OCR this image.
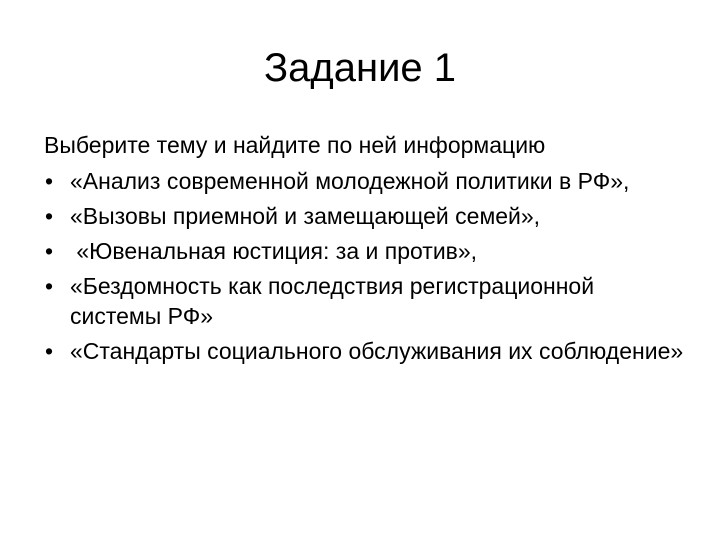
Задание 1

Выберите тему и найдите по ней информацию

• «Анализ современной молодежной политики в РФ»,
• «Вызовы приемной и замещающей семей»,
• «Ювенальная юстиция: за и против»,
• «Бездомность как последствия регистрационной системы РФ»
• «Стандарты социального обслуживания их соблюдение»
